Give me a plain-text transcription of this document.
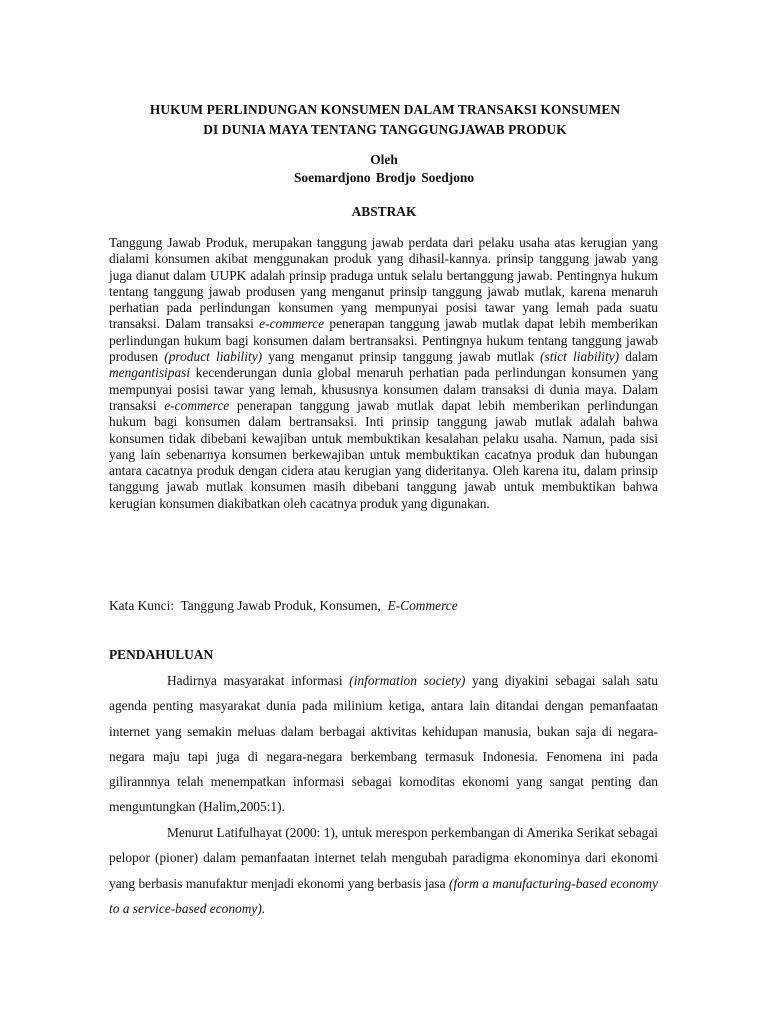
HUKUM PERLINDUNGAN KONSUMEN DALAM TRANSAKSI KONSUMEN
DI DUNIA MAYA TENTANG TANGGUNGJAWAB PRODUK
Oleh
Soemardjono Brodjo Soedjono
ABSTRAK

Tanggung Jawab Produk, merupakan tanggung jawab perdata dari pelaku usaha atas kerugian yang dialami konsumen akibat menggunakan produk yang dihasil-kannya. prinsip tanggung jawab yang juga dianut dalam UUPK adalah prinsip praduga untuk selalu bertanggung jawab. Pentingnya hukum tentang tanggung jawab produsen yang menganut prinsip tanggung jawab mutlak, karena menaruh perhatian pada perlindungan konsumen yang mempunyai posisi tawar yang lemah pada suatu transaksi. Dalam transaksi e-commerce penerapan tanggung jawab mutlak dapat lebih memberikan perlindungan hukum bagi konsumen dalam bertransaksi. Pentingnya hukum tentang tanggung jawab produsen (product liability) yang menganut prinsip tanggung jawab mutlak (stict liability) dalam mengantisipasi kecenderungan dunia global menaruh perhatian pada perlindungan konsumen yang mempunyai posisi tawar yang lemah, khususnya konsumen dalam transaksi di dunia maya. Dalam transaksi e-commerce penerapan tanggung jawab mutlak dapat lebih memberikan perlindungan hukum bagi konsumen dalam bertransaksi. Inti prinsip tanggung jawab mutlak adalah bahwa konsumen tidak dibebani kewajiban untuk membuktikan kesalahan pelaku usaha. Namun, pada sisi yang lain sebenarnya konsumen berkewajiban untuk membuktikan cacatnya produk dan hubungan antara cacatnya produk dengan cidera atau kerugian yang dideritanya. Oleh karena itu, dalam prinsip tanggung jawab mutlak konsumen masih dibebani tanggung jawab untuk membuktikan bahwa kerugian konsumen diakibatkan oleh cacatnya produk yang digunakan.

Kata Kunci: Tanggung Jawab Produk, Konsumen, E-Commerce
PENDAHULUAN

Hadirnya masyarakat informasi (information society) yang diyakini sebagai salah satu agenda penting masyarakat dunia pada milinium ketiga, antara lain ditandai dengan pemanfaatan internet yang semakin meluas dalam berbagai aktivitas kehidupan manusia, bukan saja di negara-negara maju tapi juga di negara-negara berkembang termasuk Indonesia. Fenomena ini pada gilirannnya telah menempatkan informasi sebagai komoditas ekonomi yang sangat penting dan menguntungkan (Halim,2005:1).

Menurut Latifulhayat (2000: 1), untuk merespon perkembangan di Amerika Serikat sebagai pelopor (pioner) dalam pemanfaatan internet telah mengubah paradigma ekonominya dari ekonomi yang berbasis manufaktur menjadi ekonomi yang berbasis jasa (form a manufacturing-based economy to a service-based economy).
